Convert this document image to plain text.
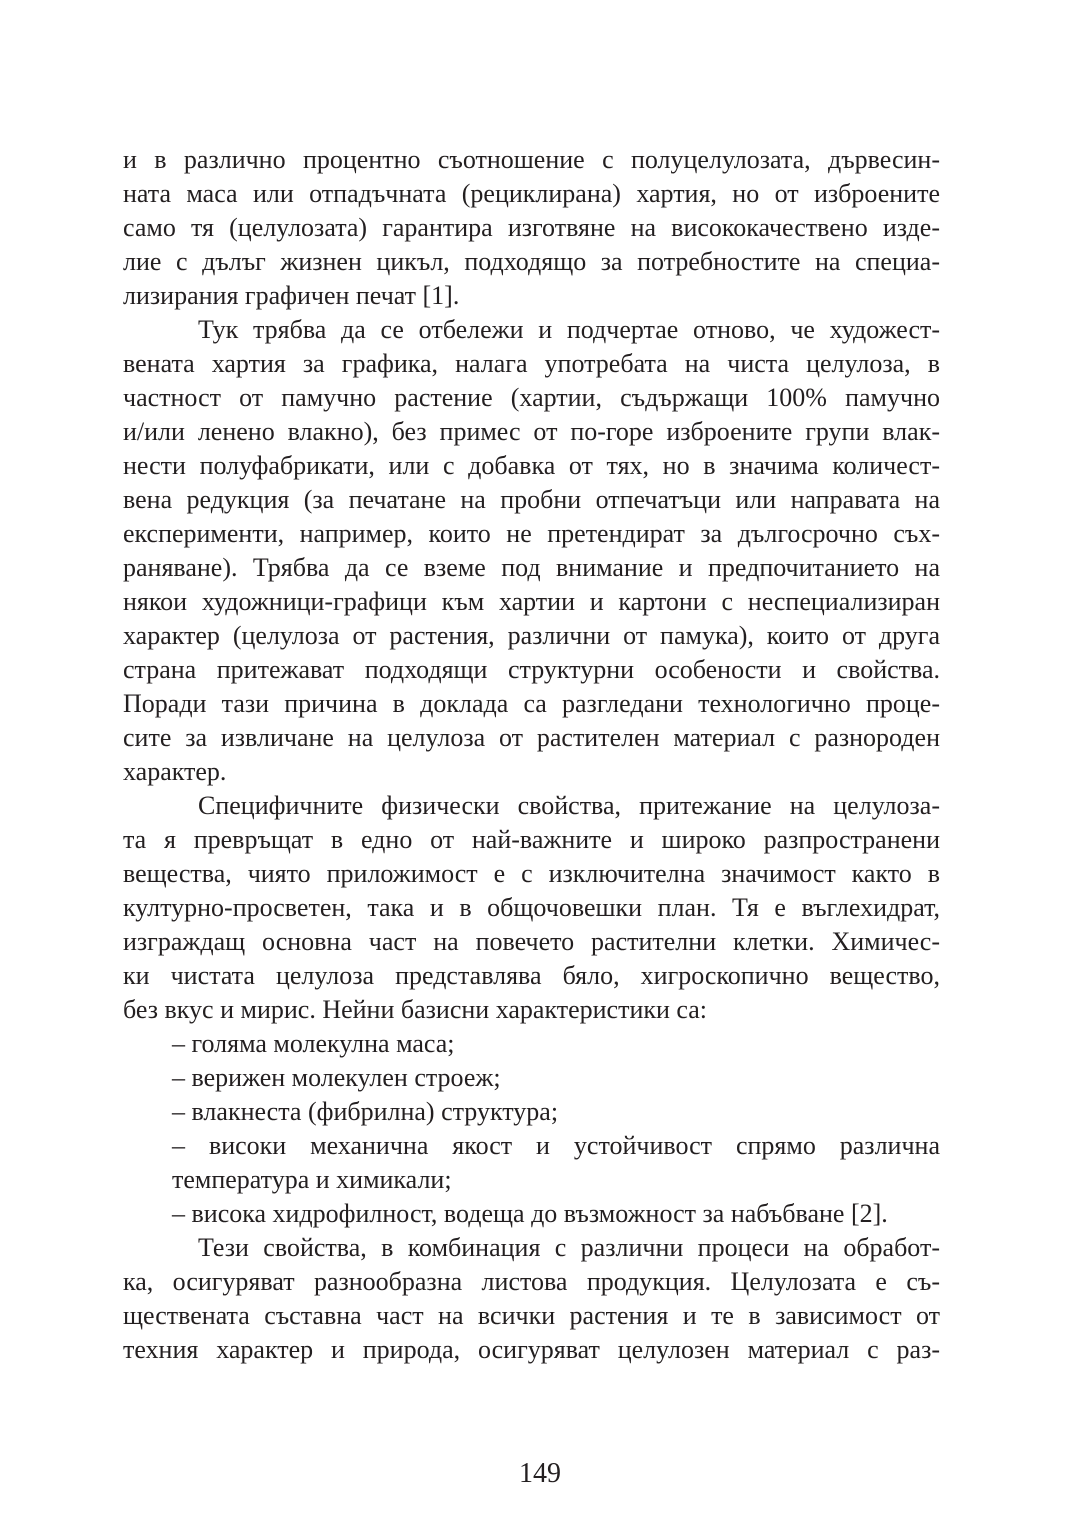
и в различно процентно съотношение с полуцелулозата, дървесин-
ната маса или отпадъчната (рециклирана) хартия, но от изброените
само тя (целулозата) гарантира изготвяне на висококачествено изде-
лие с дълъг жизнен цикъл, подходящо за потребностите на специа-
лизирания графичен печат [1].
Тук трябва да се отбележи и подчертае отново, че художест-
вената хартия за графика, налага употребата на чиста целулоза, в
частност от памучно растение (хартии, съдържащи 100% памучно
и/или ленено влакно), без примес от по-горе изброените групи влак-
нести полуфабрикати, или с добавка от тях, но в значима количест-
вена редукция (за печатане на пробни отпечатъци или направата на
експерименти, например, които не претендират за дългосрочно съх-
раняване). Трябва да се вземе под внимание и предпочитанието на
някои художници-графици към хартии и картони с неспециализиран
характер (целулоза от растения, различни от памука), които от друга
страна притежават подходящи структурни особености и свойства.
Поради тази причина в доклада са разгледани технологично проце-
сите за извличане на целулоза от растителен материал с разнороден
характер.
Специфичните физически свойства, притежание на целулоза-
та я превръщат в едно от най-важните и широко разпространени
вещества, чиято приложимост е с изключителна значимост както в
културно-просветен, така и в общочовешки план. Тя е въглехидрат,
изграждащ основна част на повечето растителни клетки. Химичес-
ки чистата целулоза представлява бяло, хигроскопично вещество,
без вкус и мирис. Нейни базисни характеристики са:
– голяма молекулна маса;
– верижен молекулен строеж;
– влакнеста (фибрилна) структура;
– високи механична якост и устойчивост спрямо различна
температура и химикали;
– висока хидрофилност, водеща до възможност за набъбване [2].
Тези свойства, в комбинация с различни процеси на обработ-
ка, осигуряват разнообразна листова продукция. Целулозата е съ-
ществената съставна част на всички растения и те в зависимост от
техния характер и природа, осигуряват целулозен материал с раз-
149
